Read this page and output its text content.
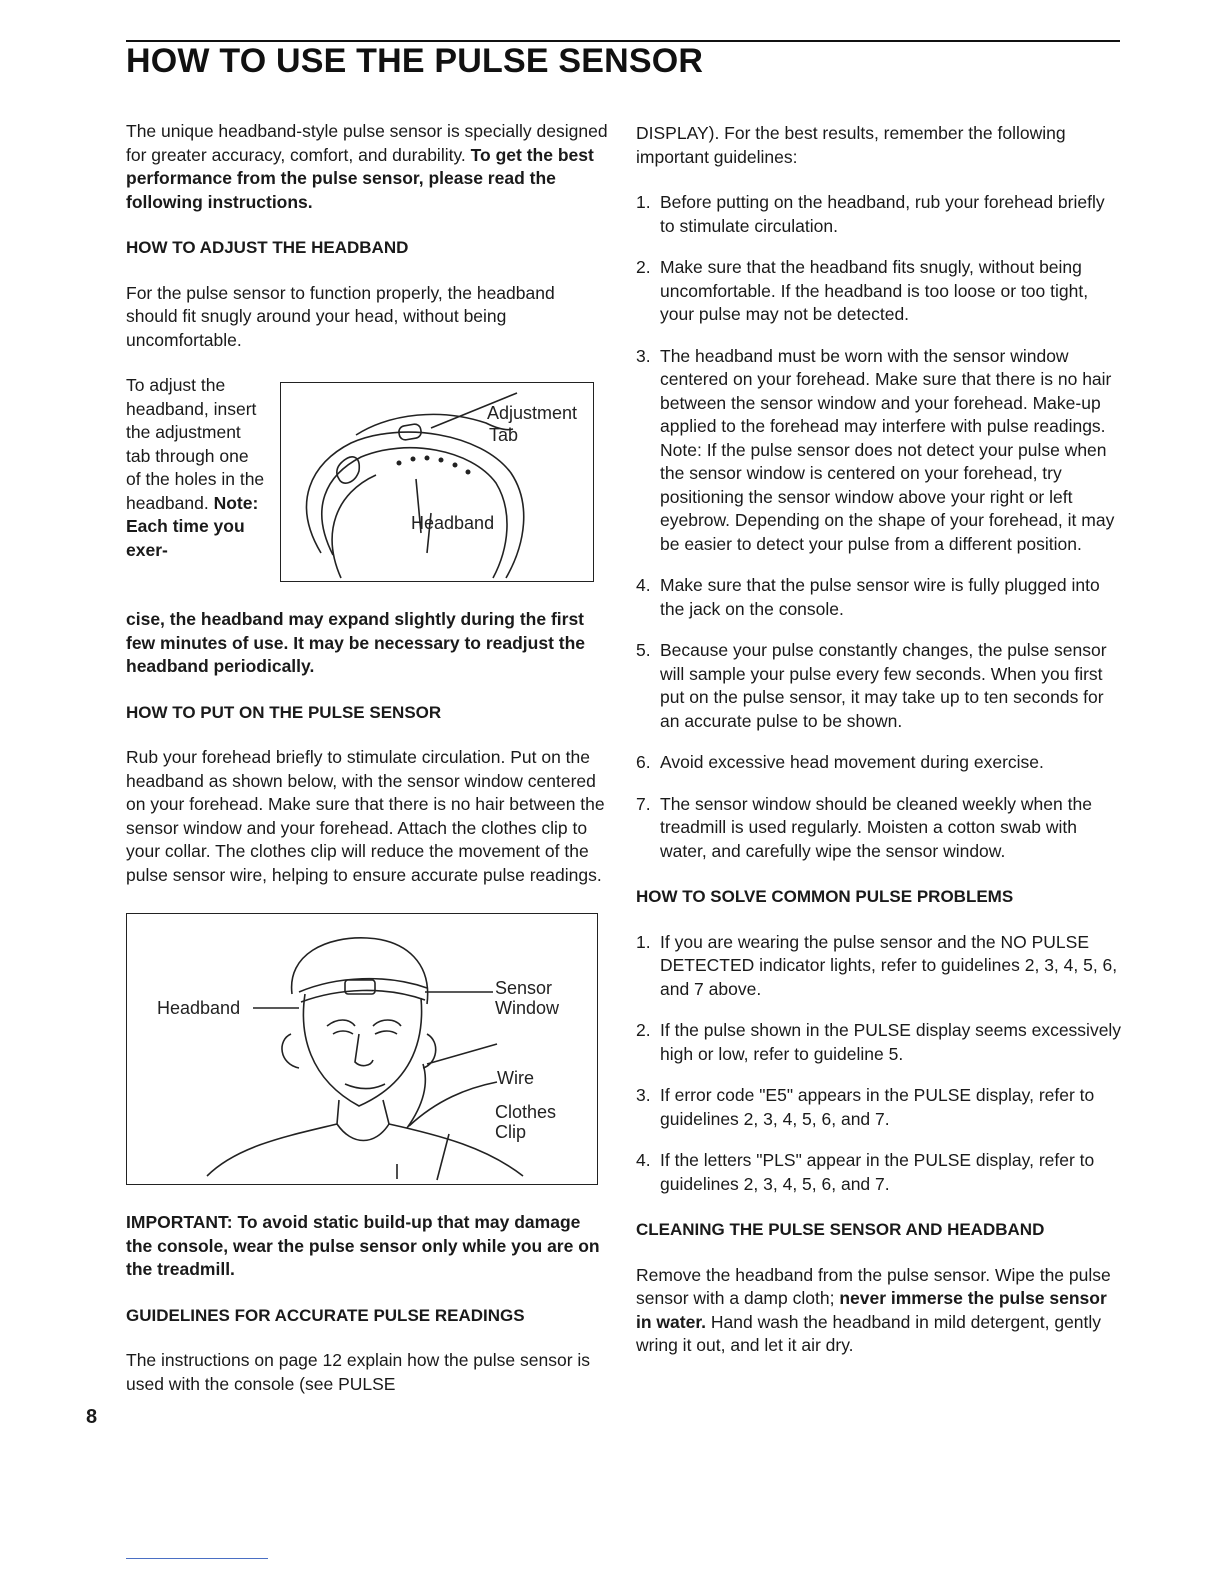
HOW TO USE THE PULSE SENSOR

The unique headband-style pulse sensor is specially designed for greater accuracy, comfort, and durability. To get the best performance from the pulse sensor, please read the following instructions.

HOW TO ADJUST THE HEADBAND

For the pulse sensor to function properly, the headband should fit snugly around your head, without being uncomfortable.

To adjust the headband, insert the adjustment tab through one of the holes in the headband. Note: Each time you exer-
Adjustment
Tab
Headband

cise, the headband may expand slightly during the first few minutes of use. It may be necessary to readjust the headband periodically.

HOW TO PUT ON THE PULSE SENSOR

Rub your forehead briefly to stimulate circulation. Put on the headband as shown below, with the sensor window centered on your forehead. Make sure that there is no hair between the sensor window and your forehead. Attach the clothes clip to your collar. The clothes clip will reduce the movement of the pulse sensor wire, helping to ensure accurate pulse readings.

Headband
Sensor
Window
Wire
Clothes
Clip

IMPORTANT: To avoid static build-up that may damage the console, wear the pulse sensor only while you are on the treadmill.

GUIDELINES FOR ACCURATE PULSE READINGS

The instructions on page 12 explain how the pulse sensor is used with the console (see PULSE

DISPLAY). For the best results, remember the following important guidelines:

1. Before putting on the headband, rub your forehead briefly to stimulate circulation.
2. Make sure that the headband fits snugly, without being uncomfortable. If the headband is too loose or too tight, your pulse may not be detected.
3. The headband must be worn with the sensor window centered on your forehead. Make sure that there is no hair between the sensor window and your forehead. Make-up applied to the forehead may interfere with pulse readings. Note: If the pulse sensor does not detect your pulse when the sensor window is centered on your forehead, try positioning the sensor window above your right or left eyebrow. Depending on the shape of your forehead, it may be easier to detect your pulse from a different position.
4. Make sure that the pulse sensor wire is fully plugged into the jack on the console.
5. Because your pulse constantly changes, the pulse sensor will sample your pulse every few seconds. When you first put on the pulse sensor, it may take up to ten seconds for an accurate pulse to be shown.
6. Avoid excessive head movement during exercise.
7. The sensor window should be cleaned weekly when the treadmill is used regularly. Moisten a cotton swab with water, and carefully wipe the sensor window.

HOW TO SOLVE COMMON PULSE PROBLEMS

1. If you are wearing the pulse sensor and the NO PULSE DETECTED indicator lights, refer to guidelines 2, 3, 4, 5, 6, and 7 above.
2. If the pulse shown in the PULSE display seems excessively high or low, refer to guideline 5.
3. If error code "E5" appears in the PULSE display, refer to guidelines 2, 3, 4, 5, 6, and 7.
4. If the letters "PLS" appear in the PULSE display, refer to guidelines 2, 3, 4, 5, 6, and 7.

CLEANING THE PULSE SENSOR AND HEADBAND

Remove the headband from the pulse sensor. Wipe the pulse sensor with a damp cloth; never immerse the pulse sensor in water. Hand wash the headband in mild detergent, gently wring it out, and let it air dry.

8
